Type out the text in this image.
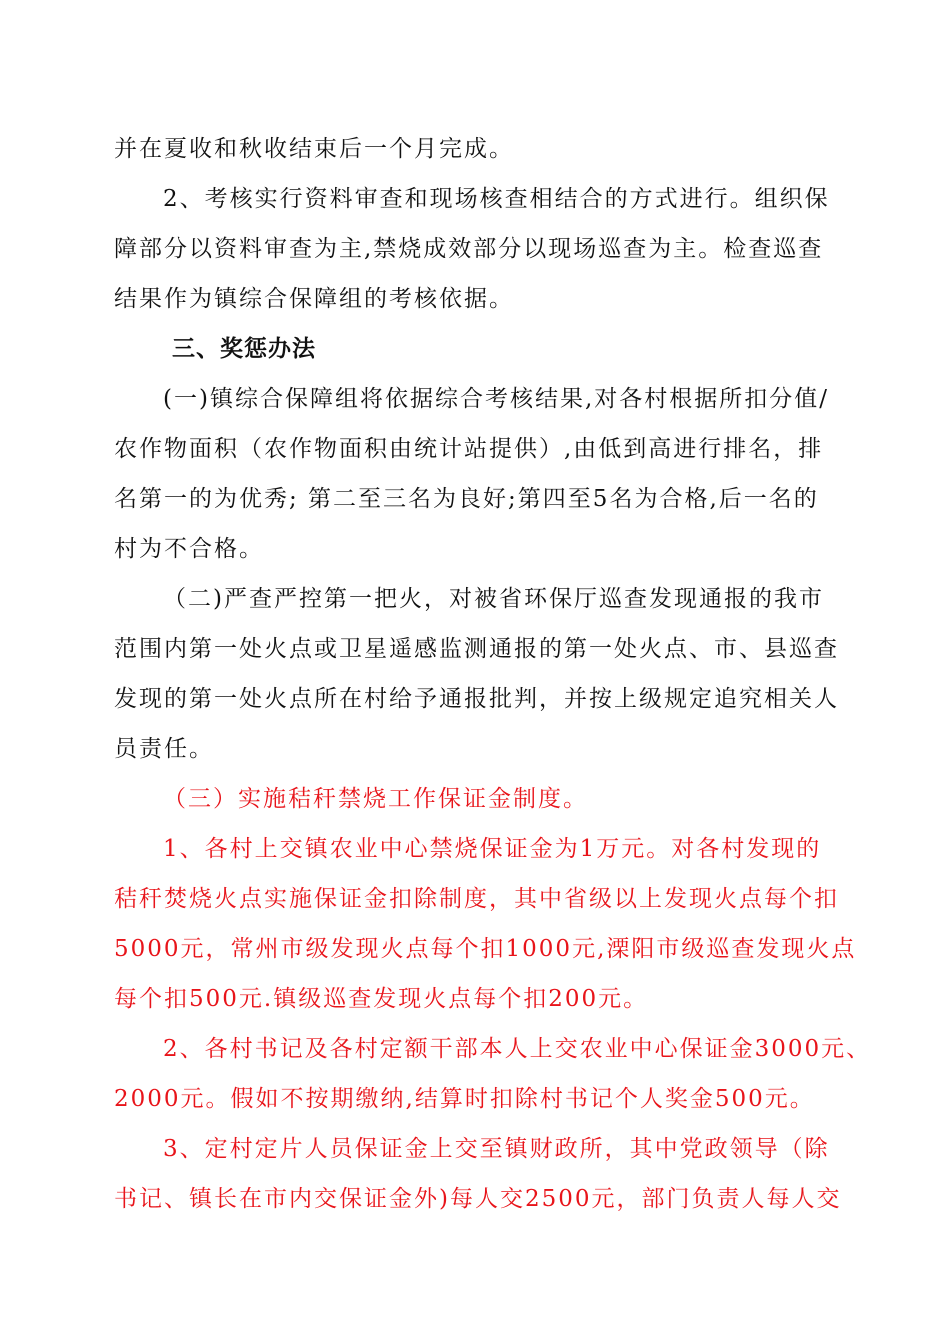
并在夏收和秋收结束后一个月完成。
2、考核实行资料审查和现场核查相结合的方式进行。组织保
障部分以资料审查为主,禁烧成效部分以现场巡查为主。检查巡查
结果作为镇综合保障组的考核依据。
三、奖惩办法
(一)镇综合保障组将依据综合考核结果,对各村根据所扣分值/
农作物面积（农作物面积由统计站提供）,由低到高进行排名，排
名第一的为优秀; 第二至三名为良好;第四至5名为合格,后一名的
村为不合格。
（二)严查严控第一把火，对被省环保厅巡查发现通报的我市
范围内第一处火点或卫星遥感监测通报的第一处火点、市、县巡查
发现的第一处火点所在村给予通报批判，并按上级规定追究相关人
员责任。
（三）实施秸秆禁烧工作保证金制度。
1、各村上交镇农业中心禁烧保证金为1万元。对各村发现的
秸秆焚烧火点实施保证金扣除制度，其中省级以上发现火点每个扣
5000元，常州市级发现火点每个扣1000元,溧阳市级巡查发现火点
每个扣500元.镇级巡查发现火点每个扣200元。
2、各村书记及各村定额干部本人上交农业中心保证金3000元、
2000元。假如不按期缴纳,结算时扣除村书记个人奖金500元。
3、定村定片人员保证金上交至镇财政所，其中党政领导（除
书记、镇长在市内交保证金外)每人交2500元，部门负责人每人交
